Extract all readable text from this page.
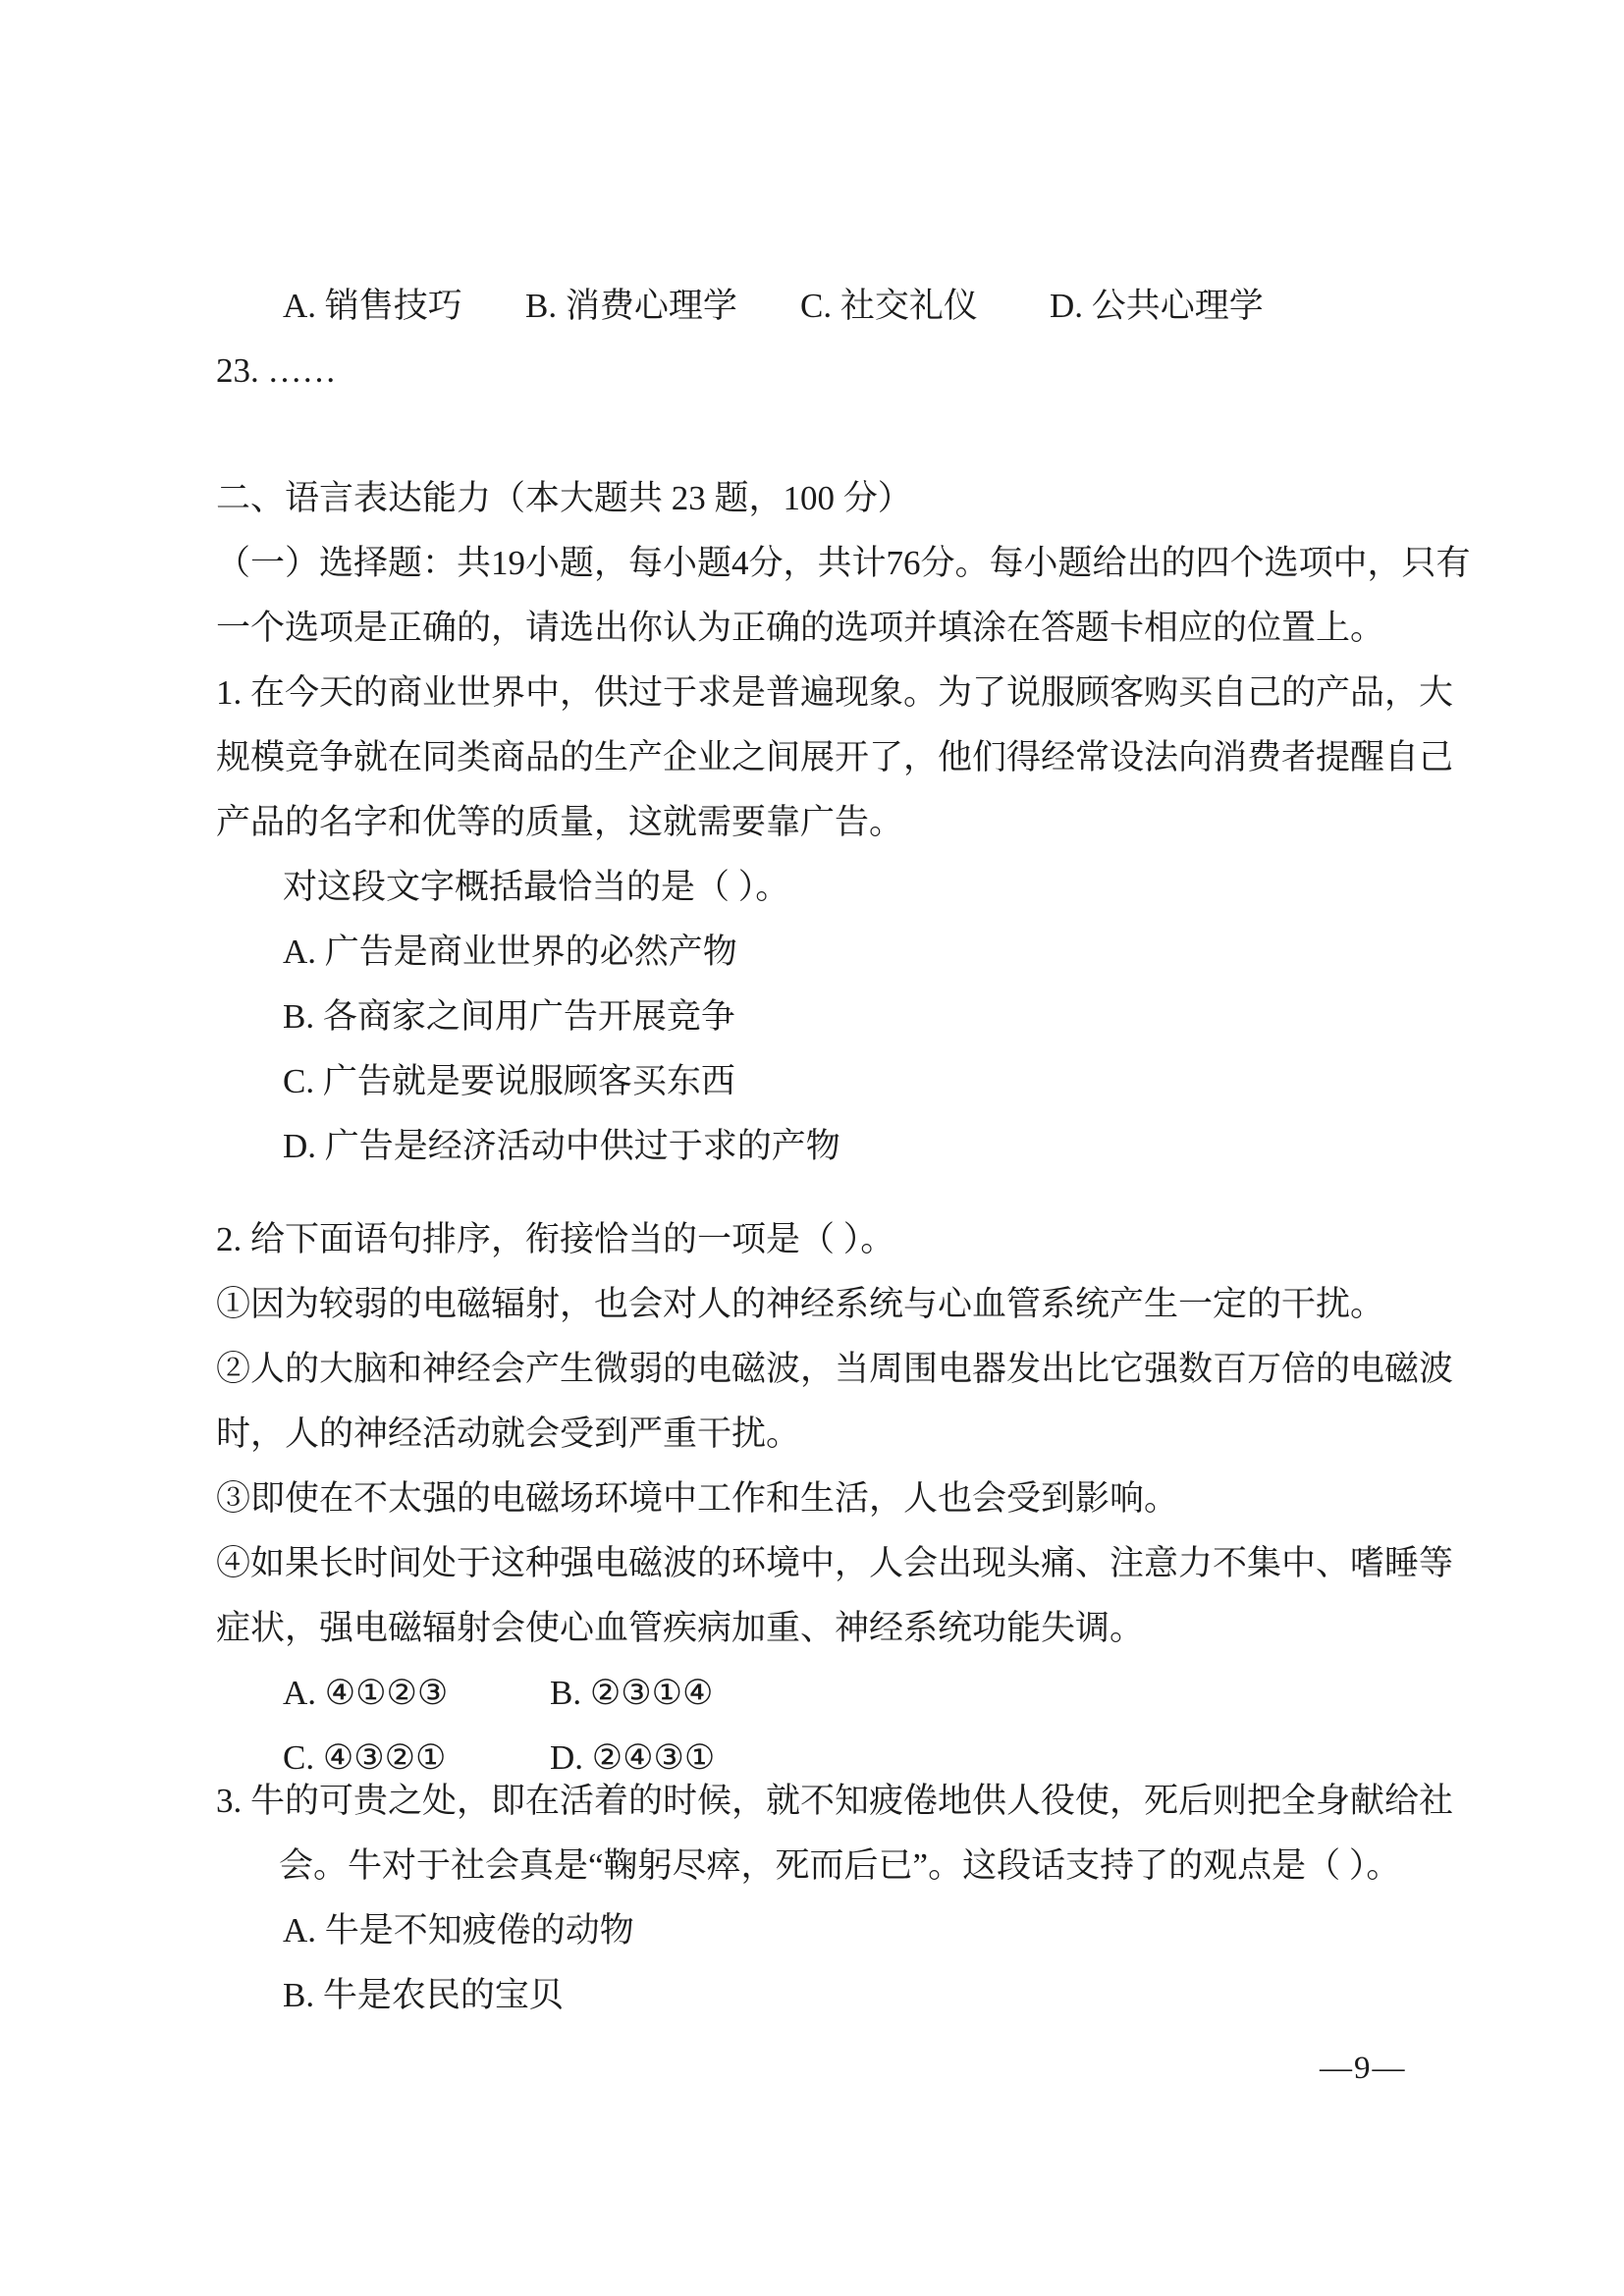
A. 销售技巧 B. 消费心理学 C. 社交礼仪 D. 公共心理学
23. ……
二、语言表达能力（本大题共 23 题，100 分）
（一）选择题：共19小题，每小题4分，共计76分。每小题给出的四个选项中，只有
一个选项是正确的，请选出你认为正确的选项并填涂在答题卡相应的位置上。
1. 在今天的商业世界中，供过于求是普遍现象。为了说服顾客购买自己的产品，大
规模竞争就在同类商品的生产企业之间展开了，他们得经常设法向消费者提醒自己
产品的名字和优等的质量，这就需要靠广告。
对这段文字概括最恰当的是（ ）。
A. 广告是商业世界的必然产物
B. 各商家之间用广告开展竞争
C. 广告就是要说服顾客买东西
D. 广告是经济活动中供过于求的产物
2. 给下面语句排序，衔接恰当的一项是（ ）。
①因为较弱的电磁辐射，也会对人的神经系统与心血管系统产生一定的干扰。
②人的大脑和神经会产生微弱的电磁波，当周围电器发出比它强数百万倍的电磁波
时，人的神经活动就会受到严重干扰。
③即使在不太强的电磁场环境中工作和生活，人也会受到影响。
④如果长时间处于这种强电磁波的环境中，人会出现头痛、注意力不集中、嗜睡等
症状，强电磁辐射会使心血管疾病加重、神经系统功能失调。
A. ④①②③	B. ②③①④
C. ④③②①	D. ②④③①
3. 牛的可贵之处，即在活着的时候，就不知疲倦地供人役使，死后则把全身献给社
会。牛对于社会真是“鞠躬尽瘁，死而后已”。这段话支持了的观点是（ ）。
A. 牛是不知疲倦的动物
B. 牛是农民的宝贝
—9—
